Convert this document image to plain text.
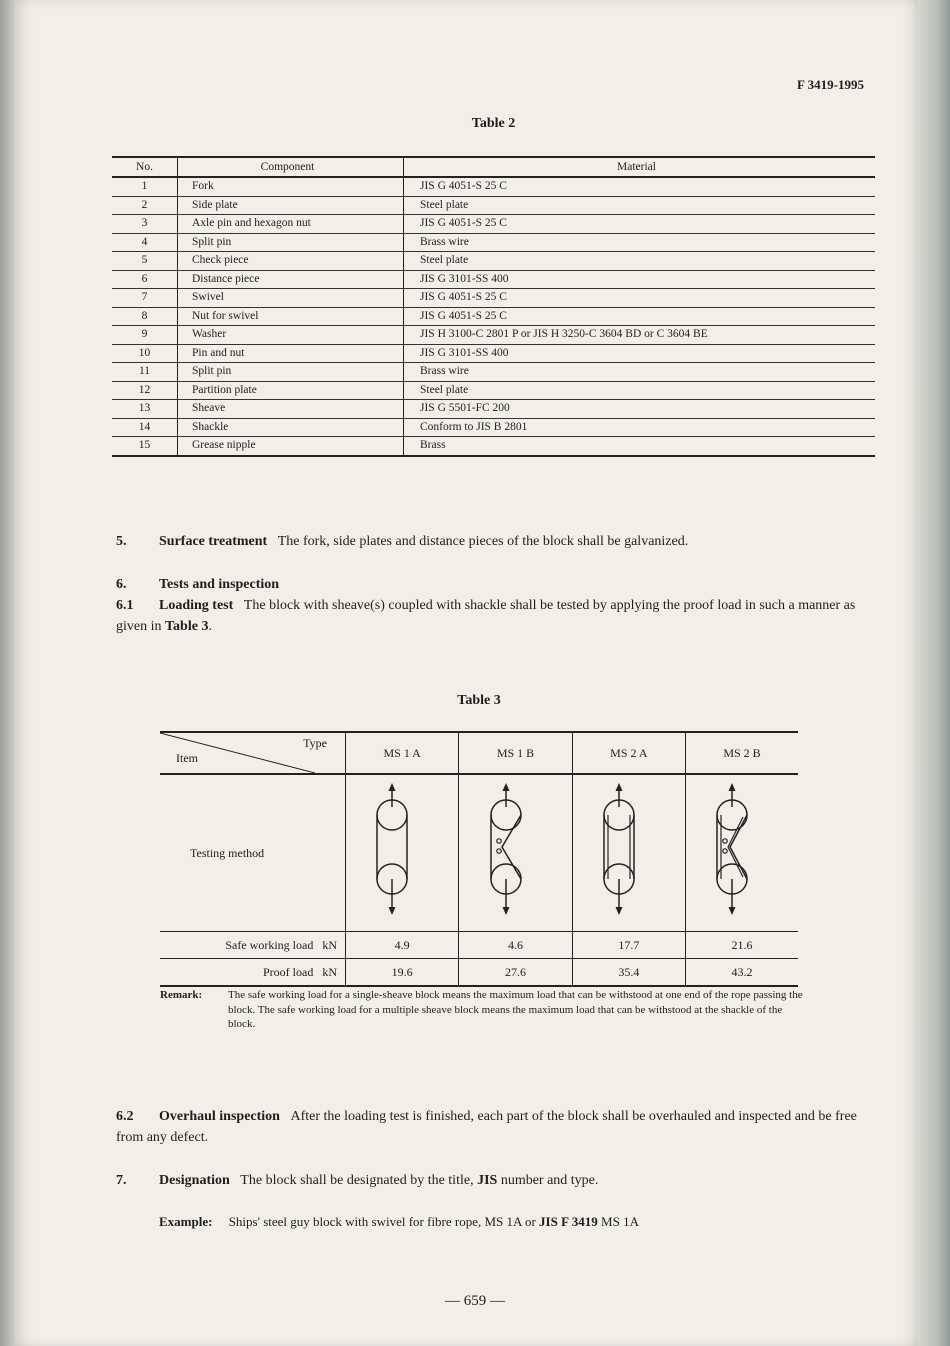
F 3419-1995
Table 2
No.	Component	Material
1	Fork	JIS G 4051-S 25 C
2	Side plate	Steel plate
3	Axle pin and hexagon nut	JIS G 4051-S 25 C
4	Split pin	Brass wire
5	Check piece	Steel plate
6	Distance piece	JIS G 3101-SS 400
7	Swivel	JIS G 4051-S 25 C
8	Nut for swivel	JIS G 4051-S 25 C
9	Washer	JIS H 3100-C 2801 P or JIS H 3250-C 3604 BD or C 3604 BE
10	Pin and nut	JIS G 3101-SS 400
11	Split pin	Brass wire
12	Partition plate	Steel plate
13	Sheave	JIS G 5501-FC 200
14	Shackle	Conform to JIS B 2801
15	Grease nipple	Brass
5. Surface treatment The fork, side plates and distance pieces of the block shall be galvanized.
6. Tests and inspection
6.1 Loading test The block with sheave(s) coupled with shackle shall be tested by applying the proof load in such a manner as given in Table 3.
Table 3
Type
Item	MS 1 A	MS 1 B	MS 2 A	MS 2 B
Testing method				
Safe working load kN	4.9	4.6	17.7	21.6
Proof load kN	19.6	27.6	35.4	43.2
Remark: The safe working load for a single-sheave block means the maximum load that can be withstood at one end of the rope passing the block. The safe working load for a multiple sheave block means the maximum load that can be withstood at the shackle of the block.
6.2 Overhaul inspection After the loading test is finished, each part of the block shall be overhauled and inspected and be free from any defect.
7. Designation The block shall be designated by the title, JIS number and type.
Example: Ships' steel guy block with swivel for fibre rope, MS 1A or JIS F 3419 MS 1A
— 659 —
